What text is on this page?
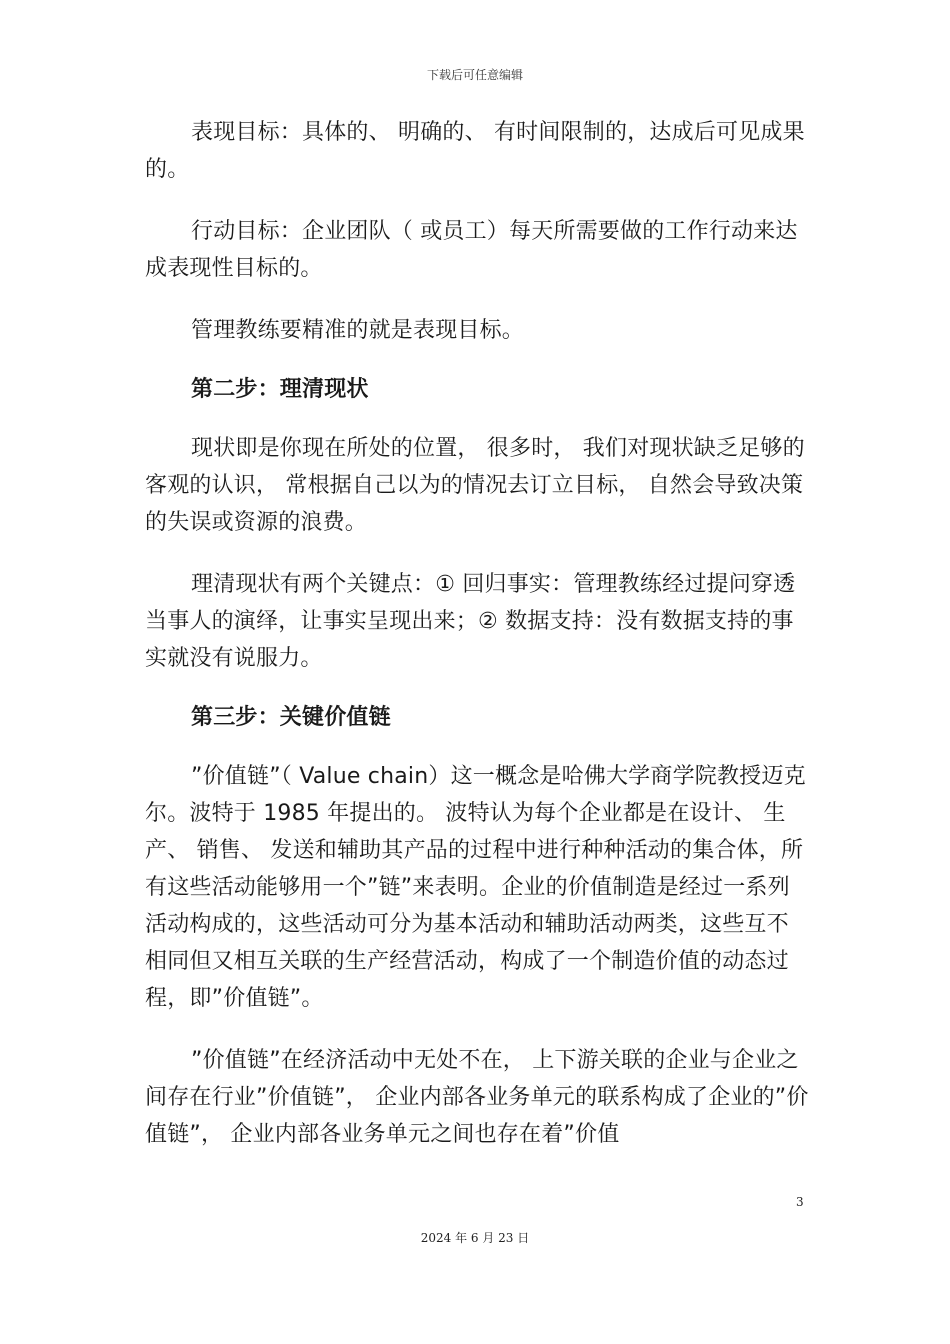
下载后可任意编辑

表现目标：具体的、 明确的、 有时间限制的，达成后可见成果的。

行动目标：企业团队（ 或员工）每天所需要做的工作行动来达成表现性目标的。

管理教练要精准的就是表现目标。

第二步：理清现状

现状即是你现在所处的位置， 很多时， 我们对现状缺乏足够的客观的认识， 常根据自己以为的情况去订立目标， 自然会导致决策的失误或资源的浪费。

理清现状有两个关键点：① 回归事实：管理教练经过提问穿透当事人的演绎，让事实呈现出来；② 数据支持：没有数据支持的事实就没有说服力。

第三步：关键价值链

”价值链”（ Value chain）这一概念是哈佛大学商学院教授迈克尔。波特于 1985 年提出的。 波特认为每个企业都是在设计、 生产、 销售、 发送和辅助其产品的过程中进行种种活动的集合体，所有这些活动能够用一个”链”来表明。企业的价值制造是经过一系列活动构成的，这些活动可分为基本活动和辅助活动两类，这些互不相同但又相互关联的生产经营活动，构成了一个制造价值的动态过程，即”价值链”。

”价值链”在经济活动中无处不在， 上下游关联的企业与企业之间存在行业”价值链”， 企业内部各业务单元的联系构成了企业的”价值链”， 企业内部各业务单元之间也存在着”价值

3
2024 年 6 月 23 日
